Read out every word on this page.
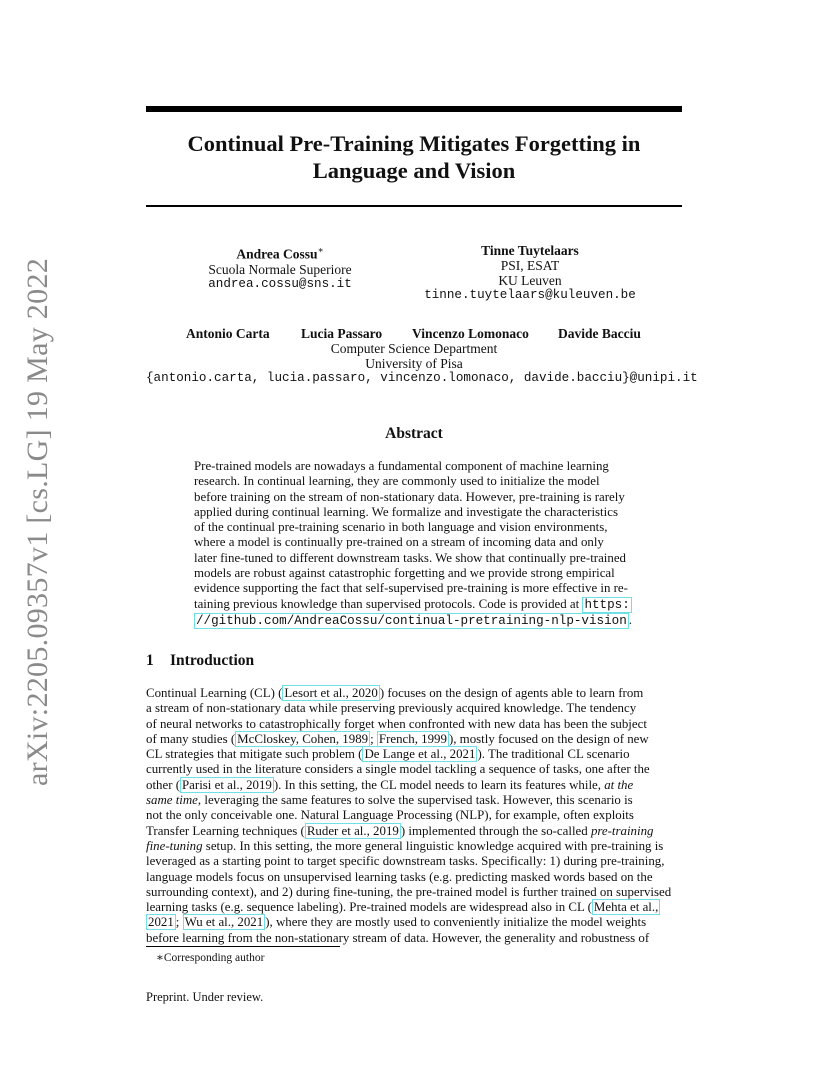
arXiv:2205.09357v1 [cs.LG] 19 May 2022
Continual Pre-Training Mitigates Forgetting in
Language and Vision
Andrea Cossu∗
Scuola Normale Superiore
andrea.cossu@sns.it
Tinne Tuytelaars
PSI, ESAT
KU Leuven
tinne.tuytelaars@kuleuven.be
Antonio Carta Lucia Passaro Vincenzo Lomonaco Davide Bacciu
Computer Science Department
University of Pisa
{antonio.carta, lucia.passaro, vincenzo.lomonaco, davide.bacciu}@unipi.it
Abstract
Pre-trained models are nowadays a fundamental component of machine learning
research. In continual learning, they are commonly used to initialize the model
before training on the stream of non-stationary data. However, pre-training is rarely
applied during continual learning. We formalize and investigate the characteristics
of the continual pre-training scenario in both language and vision environments,
where a model is continually pre-trained on a stream of incoming data and only
later fine-tuned to different downstream tasks. We show that continually pre-trained
models are robust against catastrophic forgetting and we provide strong empirical
evidence supporting the fact that self-supervised pre-training is more effective in re-
taining previous knowledge than supervised protocols. Code is provided at https:
//github.com/AndreaCossu/continual-pretraining-nlp-vision .
1 Introduction
Continual Learning (CL) ( Lesort et al., 2020 ) focuses on the design of agents able to learn from
a stream of non-stationary data while preserving previously acquired knowledge. The tendency
of neural networks to catastrophically forget when confronted with new data has been the subject
of many studies ( McCloskey, Cohen, 1989 ; French, 1999 ), mostly focused on the design of new
CL strategies that mitigate such problem ( De Lange et al., 2021 ). The traditional CL scenario
currently used in the literature considers a single model tackling a sequence of tasks, one after the
other ( Parisi et al., 2019 ). In this setting, the CL model needs to learn its features while, at the
same time, leveraging the same features to solve the supervised task. However, this scenario is
not the only conceivable one. Natural Language Processing (NLP), for example, often exploits
Transfer Learning techniques ( Ruder et al., 2019 ) implemented through the so-called pre-training
fine-tuning setup. In this setting, the more general linguistic knowledge acquired with pre-training is
leveraged as a starting point to target specific downstream tasks. Specifically: 1) during pre-training,
language models focus on unsupervised learning tasks (e.g. predicting masked words based on the
surrounding context), and 2) during fine-tuning, the pre-trained model is further trained on supervised
learning tasks (e.g. sequence labeling). Pre-trained models are widespread also in CL ( Mehta et al.,
2021 ; Wu et al., 2021 ), where they are mostly used to conveniently initialize the model weights
before learning from the non-stationary stream of data. However, the generality and robustness of
∗Corresponding author
Preprint. Under review.
